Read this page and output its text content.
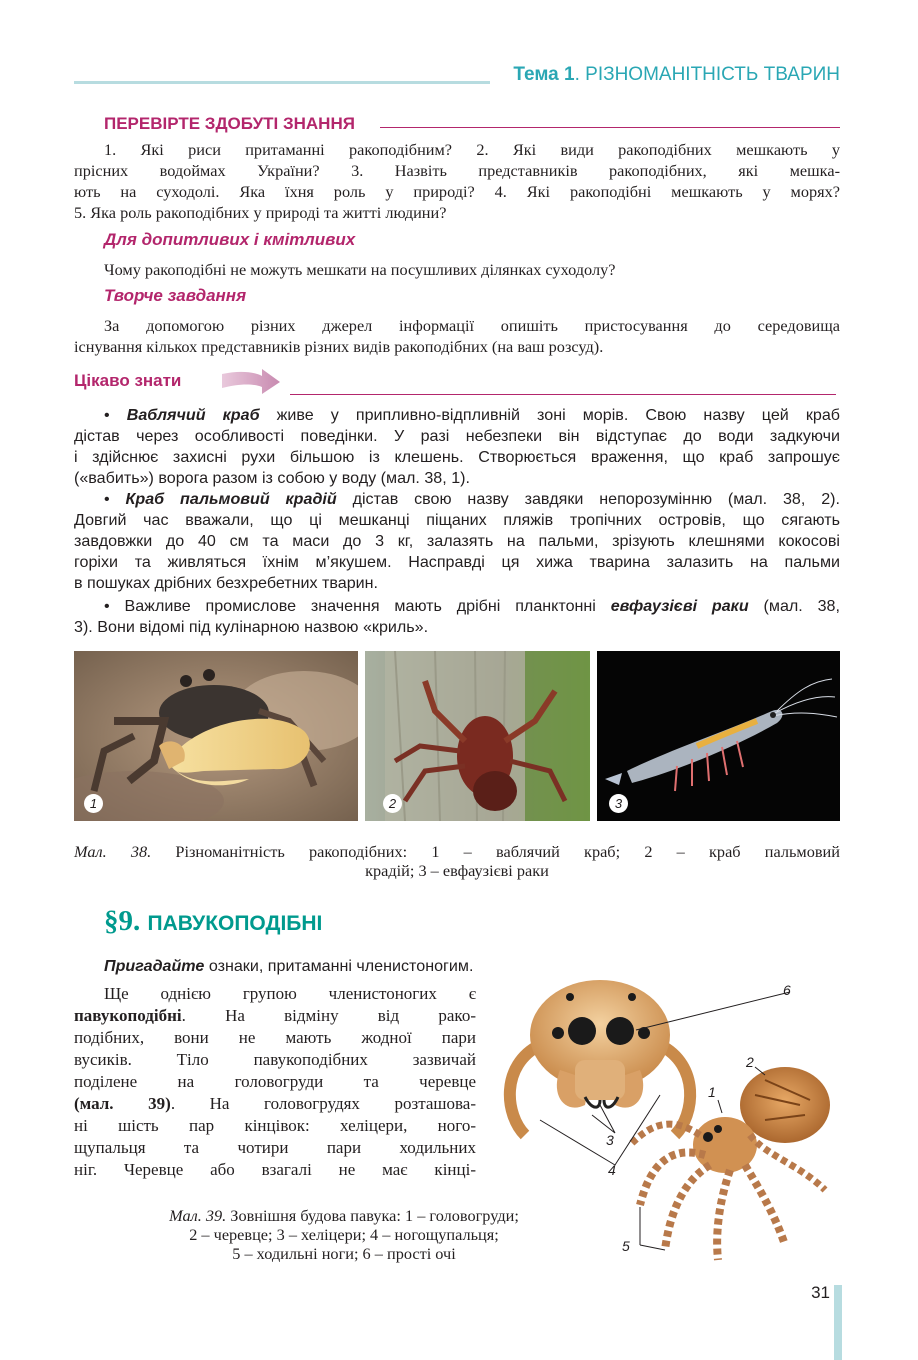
Тема 1. РІЗНОМАНІТНІСТЬ ТВАРИН
ПЕРЕВІРТЕ ЗДОБУТІ ЗНАННЯ
1. Які риси притаманні ракоподібним? 2. Які види ракоподібних мешкають у
прісних водоймах України? 3. Назвіть представників ракоподібних, які мешка-
ють на суходолі. Яка їхня роль у природі? 4. Які ракоподібні мешкають у морях?
5. Яка роль ракоподібних у природі та житті людини?
Для допитливих і кмітливих
Чому ракоподібні не можуть мешкати на посушливих ділянках суходолу?
Творче завдання
За допомогою різних джерел інформації опишіть пристосування до середовища
існування кількох представників різних видів ракоподібних (на ваш розсуд).
Цікаво знати
• Ваблячий краб живе у припливно-відпливній зоні морів. Свою назву цей краб
дістав через особливості поведінки. У разі небезпеки він відступає до води задкуючи
і здійснює захисні рухи більшою із клешень. Створюється враження, що краб запрошує
(«вабить») ворога разом із собою у воду (мал. 38, 1).
• Краб пальмовий крадій дістав свою назву завдяки непорозумінню (мал. 38, 2).
Довгий час вважали, що ці мешканці піщаних пляжів тропічних островів, що сягають
завдовжки до 40 см та маси до 3 кг, залазять на пальми, зрізують клешнями кокосові
горіхи та живляться їхнім м’якушем. Насправді ця хижа тварина залазить на пальми
в пошуках дрібних безхребетних тварин.
• Важливе промислове значення мають дрібні планктонні евфаузієві раки (мал. 38,
3). Вони відомі під кулінарною назвою «криль».
1	2	3
Мал. 38. Різноманітність ракоподібних: 1 – ваблячий краб; 2 – краб пальмовий
крадій; 3 – евфаузієві раки
§9. ПАВУКОПОДІБНІ
Пригадайте ознаки, притаманні членистоногим.
Ще однією групою членистоногих є
павукоподібні. На відміну від рако-
подібних, вони не мають жодної пари
вусиків. Тіло павукоподібних зазвичай
поділене на головогруди та черевце
(мал. 39). На головогрудях розташова-
ні шість пар кінцівок: хеліцери, ного-
щупальця та чотири пари ходильних
ніг. Черевце або взагалі не має кінці-
6
2
1
3
4
5
Мал. 39. Зовнішня будова павука: 1 – головогруди;
2 – черевце; 3 – хеліцери; 4 – ногощупальця;
5 – ходильні ноги; 6 – прості очі
31
